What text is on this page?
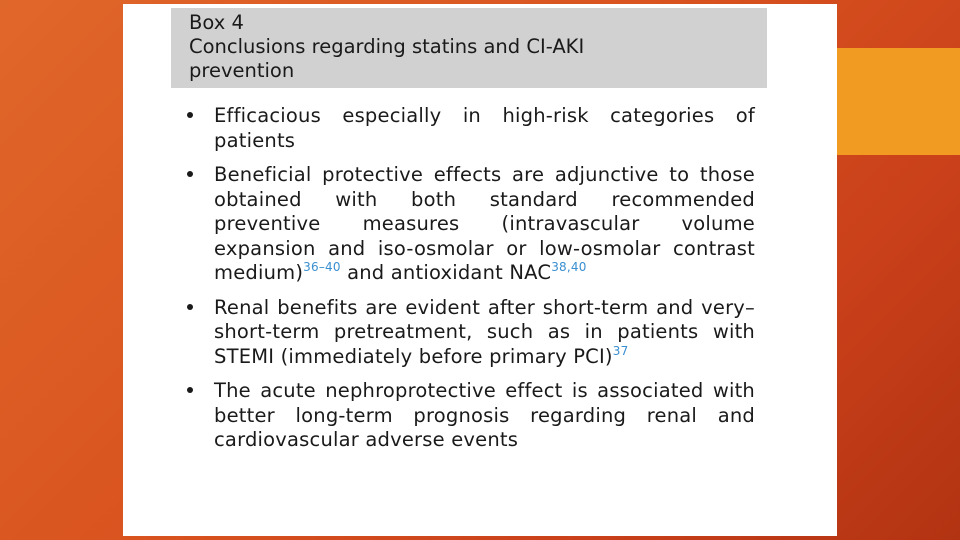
Box 4
Conclusions regarding statins and CI-AKI
prevention
Efficacious especially in high-risk categories of patients
Beneficial protective effects are adjunctive to those obtained with both standard recommended preventive measures (intravascular volume expansion and iso-osmolar or low-osmolar contrast medium)$^{36-40}$ and antioxidant NAC$^{38,40}$
Renal benefits are evident after short-term and very–short-term pretreatment, such as in patients with STEMI (immediately before primary PCI)$^{37}$
The acute nephroprotective effect is associated with better long-term prognosis regarding renal and cardiovascular adverse events
